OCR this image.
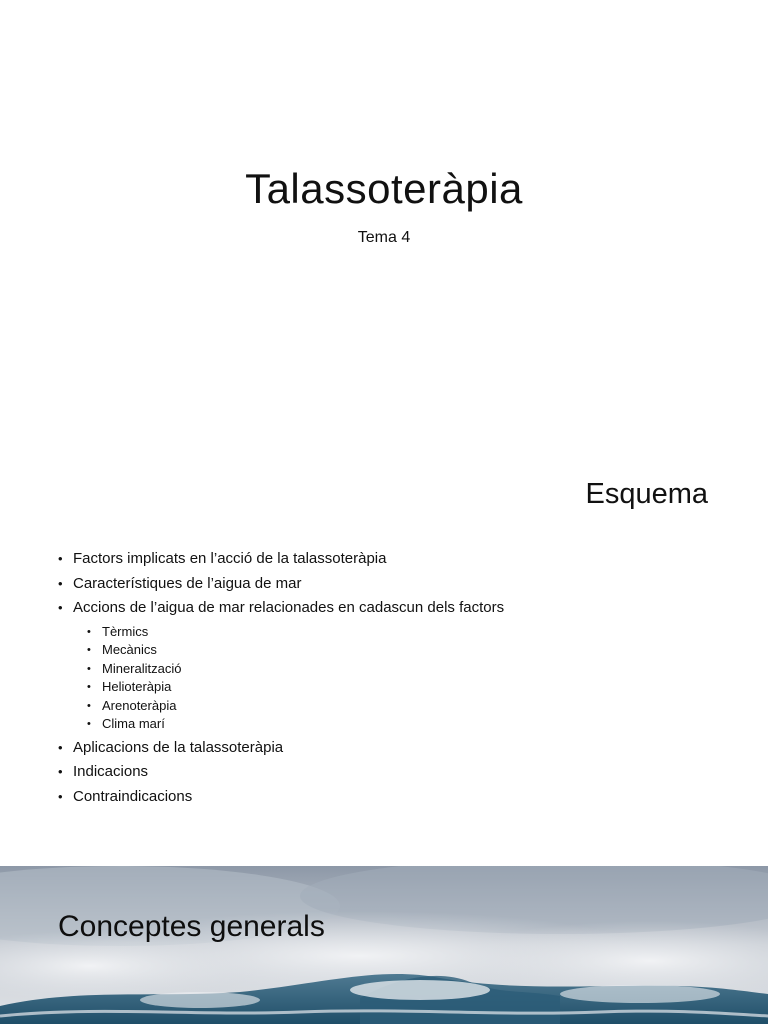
Talassoteràpia

Tema 4

Esquema
• Factors implicats en l’acció de la talassoteràpia
• Característiques de l’aigua de mar
• Accions de l’aigua de mar relacionades en cadascun dels factors
• Tèrmics
• Mecànics
• Mineralització
• Helioteràpia
• Arenoteràpia
• Clima marí
• Aplicacions de la talassoteràpia
• Indicacions
• Contraindicacions
Conceptes generals
